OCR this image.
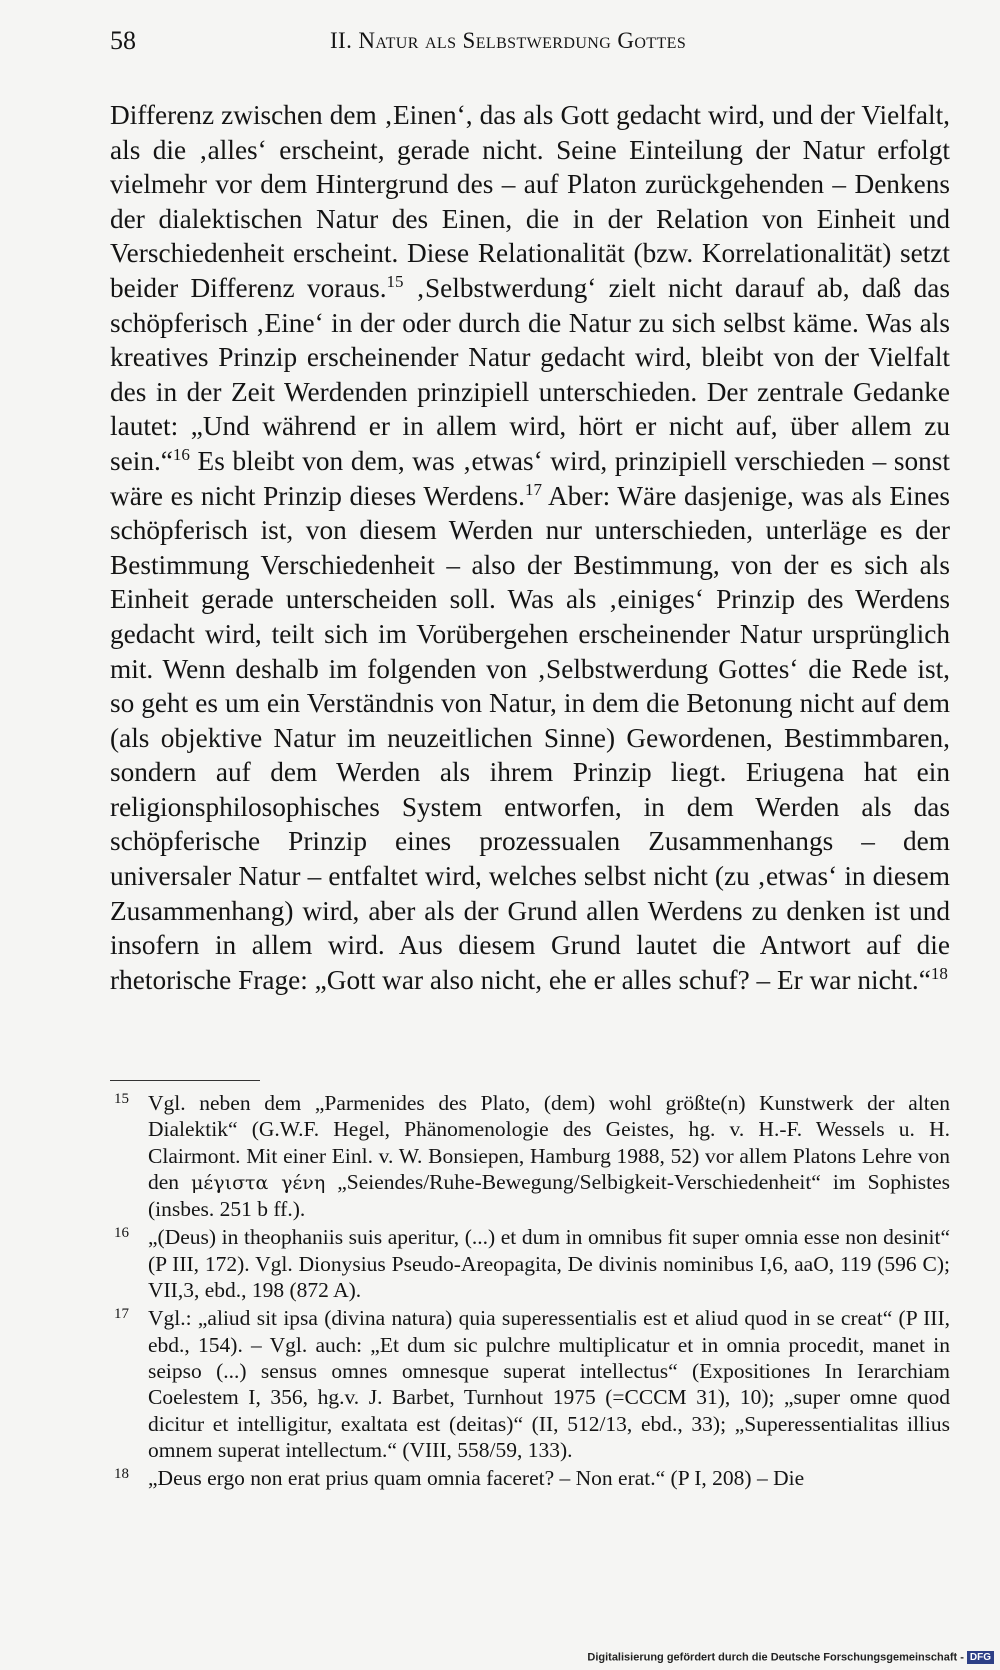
58	II. Natur als Selbstwerdung Gottes
Differenz zwischen dem ‚Einen‘, das als Gott gedacht wird, und der Vielfalt, als die ‚alles‘ erscheint, gerade nicht. Seine Einteilung der Natur erfolgt vielmehr vor dem Hintergrund des – auf Platon zurückgehenden – Denkens der dialektischen Natur des Einen, die in der Relation von Einheit und Verschiedenheit erscheint. Diese Relationalität (bzw. Korrelationalität) setzt beider Differenz voraus.$^{15}$ ‚Selbstwerdung‘ zielt nicht darauf ab, daß das schöpferisch ‚Eine‘ in der oder durch die Natur zu sich selbst käme. Was als kreatives Prinzip erscheinender Natur gedacht wird, bleibt von der Vielfalt des in der Zeit Werdenden prinzipiell unterschieden. Der zentrale Gedanke lautet: „Und während er in allem wird, hört er nicht auf, über allem zu sein.“$^{16}$ Es bleibt von dem, was ‚etwas‘ wird, prinzipiell verschieden – sonst wäre es nicht Prinzip dieses Werdens.$^{17}$ Aber: Wäre dasjenige, was als Eines schöpferisch ist, von diesem Werden nur unterschieden, unterläge es der Bestimmung Verschiedenheit – also der Bestimmung, von der es sich als Einheit gerade unterscheiden soll. Was als ‚einiges‘ Prinzip des Werdens gedacht wird, teilt sich im Vorübergehen erscheinender Natur ursprünglich mit. Wenn deshalb im folgenden von ‚Selbstwerdung Gottes‘ die Rede ist, so geht es um ein Verständnis von Natur, in dem die Betonung nicht auf dem (als objektive Natur im neuzeitlichen Sinne) Gewordenen, Bestimmbaren, sondern auf dem Werden als ihrem Prinzip liegt. Eriugena hat ein religionsphilosophisches System entworfen, in dem Werden als das schöpferische Prinzip eines prozessualen Zusammenhangs – dem universaler Natur – entfaltet wird, welches selbst nicht (zu ‚etwas‘ in diesem Zusammenhang) wird, aber als der Grund allen Werdens zu denken ist und insofern in allem wird. Aus diesem Grund lautet die Antwort auf die rhetorische Frage: „Gott war also nicht, ehe er alles schuf? – Er war nicht.“$^{18}$
15 Vgl. neben dem „Parmenides des Plato, (dem) wohl größte(n) Kunstwerk der alten Dialektik“ (G.W.F. Hegel, Phänomenologie des Geistes, hg. v. H.-F. Wessels u. H. Clairmont. Mit einer Einl. v. W. Bonsiepen, Hamburg 1988, 52) vor allem Platons Lehre von den μέγιστα γένη „Seiendes/Ruhe-Bewegung/Selbigkeit-Verschiedenheit“ im Sophistes (insbes. 251 b ff.).
16 „(Deus) in theophaniis suis aperitur, (...) et dum in omnibus fit super omnia esse non desinit“ (P III, 172). Vgl. Dionysius Pseudo-Areopagita, De divinis nominibus I,6, aaO, 119 (596 C); VII,3, ebd., 198 (872 A).
17 Vgl.: „aliud sit ipsa (divina natura) quia superessentialis est et aliud quod in se creat“ (P III, ebd., 154). – Vgl. auch: „Et dum sic pulchre multiplicatur et in omnia procedit, manet in seipso (...) sensus omnes omnesque superat intellectus“ (Expositiones In Ierarchiam Coelestem I, 356, hg.v. J. Barbet, Turnhout 1975 (=CCCM 31), 10); „super omne quod dicitur et intelligitur, exaltata est (deitas)“ (II, 512/13, ebd., 33); „Superessentialitas illius omnem superat intellectum.“ (VIII, 558/59, 133).
18 „Deus ergo non erat prius quam omnia faceret? – Non erat.“ (P I, 208) – Die
Digitalisierung gefördert durch die Deutsche Forschungsgemeinschaft - DFG
